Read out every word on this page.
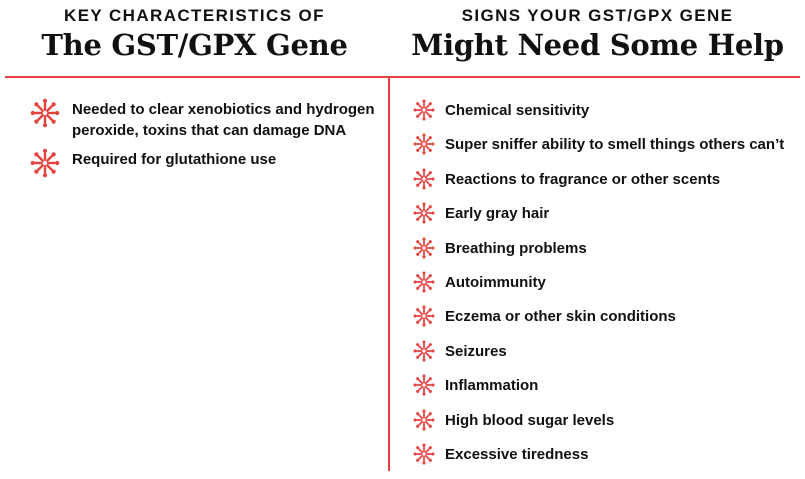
KEY CHARACTERISTICS OF
The GST/GPX Gene
SIGNS YOUR GST/GPX GENE
Might Need Some Help
Needed to clear xenobiotics and hydrogen peroxide, toxins that can damage DNA
Required for glutathione use
Chemical sensitivity
Super sniffer ability to smell things others can’t
Reactions to fragrance or other scents
Early gray hair
Breathing problems
Autoimmunity
Eczema or other skin conditions
Seizures
Inflammation
High blood sugar levels
Excessive tiredness
